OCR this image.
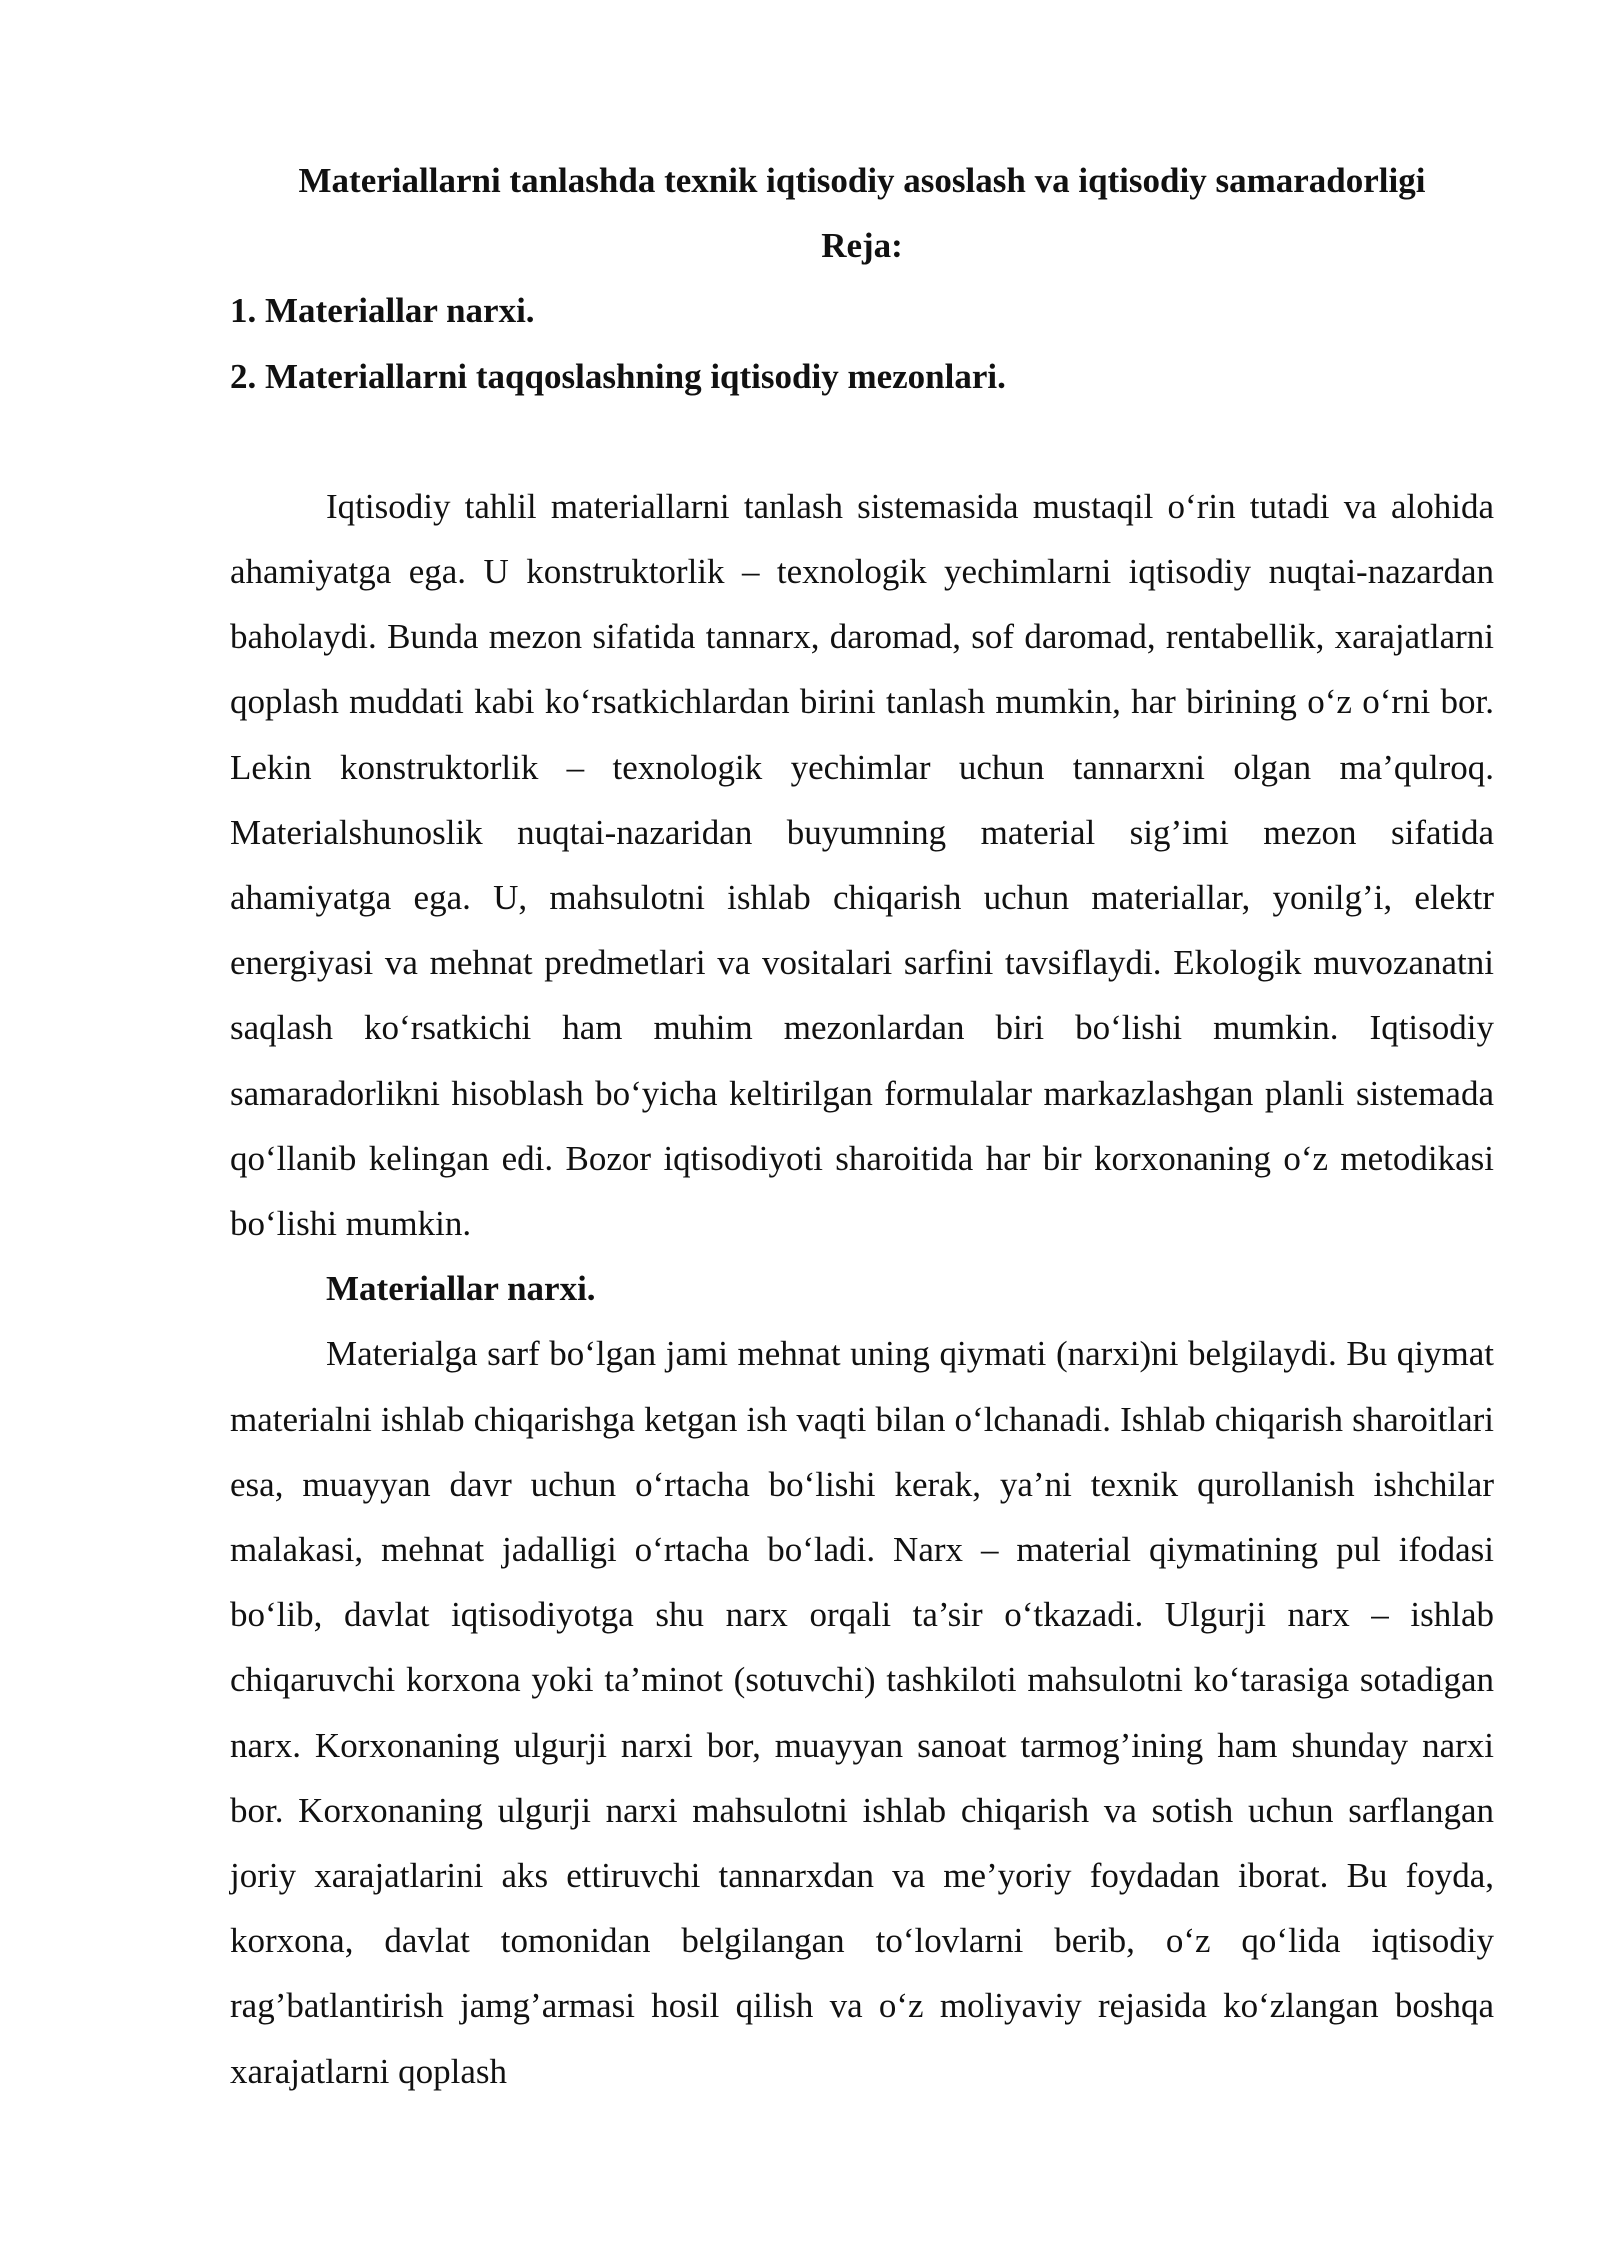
Materiallarni tanlashda texnik iqtisodiy asoslash va iqtisodiy samaradorligi

Reja:

1. Materiallar narxi.

2. Materiallarni taqqoslashning iqtisodiy mezonlari.

Iqtisodiy tahlil materiallarni tanlash sistemasida mustaqil o‘rin tutadi va alohida ahamiyatga ega. U konstruktorlik – texnologik yechimlarni iqtisodiy nuqtai-nazardan baholaydi. Bunda mezon sifatida tannarx, daromad, sof daromad, rentabellik, xarajatlarni qoplash muddati kabi ko‘rsatkichlardan birini tanlash mumkin, har birining o‘z o‘rni bor. Lekin konstruktorlik – texnologik yechimlar uchun tannarxni olgan ma’qulroq. Materialshunoslik nuqtai-nazaridan buyumning material sig’imi mezon sifatida ahamiyatga ega. U, mahsulotni ishlab chiqarish uchun materiallar, yonilg’i, elektr energiyasi va mehnat predmetlari va vositalari sarfini tavsiflaydi. Ekologik muvozanatni saqlash ko‘rsatkichi ham muhim mezonlardan biri bo‘lishi mumkin. Iqtisodiy samaradorlikni hisoblash bo‘yicha keltirilgan formulalar markazlashgan planli sistemada qo‘llanib kelingan edi. Bozor iqtisodiyoti sharoitida har bir korxonaning o‘z metodikasi bo‘lishi mumkin.

Materiallar narxi.

Materialga sarf bo‘lgan jami mehnat uning qiymati (narxi)ni belgilaydi. Bu qiymat materialni ishlab chiqarishga ketgan ish vaqti bilan o‘lchanadi. Ishlab chiqarish sharoitlari esa, muayyan davr uchun o‘rtacha bo‘lishi kerak, ya’ni texnik qurollanish ishchilar malakasi, mehnat jadalligi o‘rtacha bo‘ladi. Narx – material qiymatining pul ifodasi bo‘lib, davlat iqtisodiyotga shu narx orqali ta’sir o‘tkazadi. Ulgurji narx – ishlab chiqaruvchi korxona yoki ta’minot (sotuvchi) tashkiloti mahsulotni ko‘tarasiga sotadigan narx. Korxonaning ulgurji narxi bor, muayyan sanoat tarmog’ining ham shunday narxi bor. Korxonaning ulgurji narxi mahsulotni ishlab chiqarish va sotish uchun sarflangan joriy xarajatlarini aks ettiruvchi tannarxdan va me’yoriy foydadan iborat. Bu foyda, korxona, davlat tomonidan belgilangan to‘lovlarni berib, o‘z qo‘lida iqtisodiy rag’batlantirish jamg’armasi hosil qilish va o‘z moliyaviy rejasida ko‘zlangan boshqa xarajatlarni qoplash
